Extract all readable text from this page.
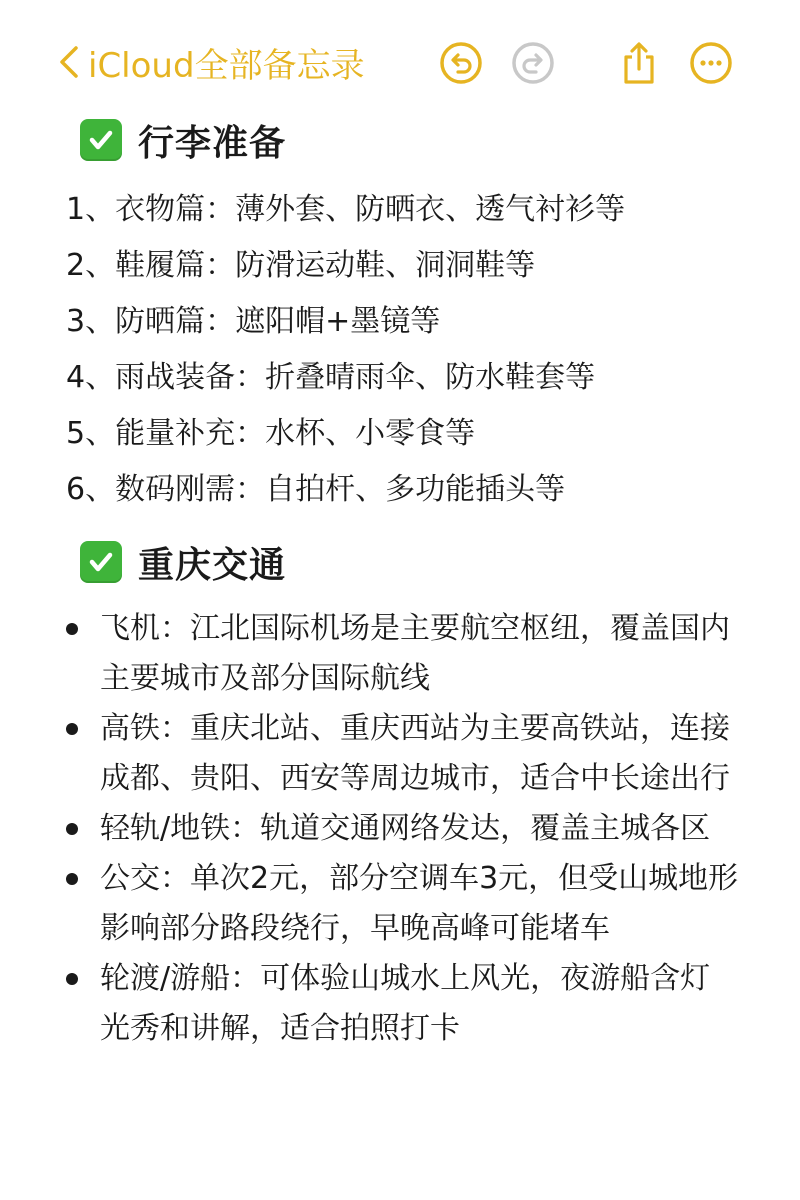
iCloud全部备忘录
行李准备
1、衣物篇：薄外套、防晒衣、透气衬衫等
2、鞋履篇：防滑运动鞋、洞洞鞋等
3、防晒篇：遮阳帽+墨镜等
4、雨战装备：折叠晴雨伞、防水鞋套等
5、能量补充：水杯、小零食等
6、数码刚需：自拍杆、多功能插头等
重庆交通
飞机：江北国际机场是主要航空枢纽，覆盖国内主要城市及部分国际航线
高铁：重庆北站、重庆西站为主要高铁站，连接成都、贵阳、西安等周边城市，适合中长途出行
轻轨/地铁：轨道交通网络发达，覆盖主城各区
公交：单次2元，部分空调车3元，但受山城地形影响部分路段绕行，早晚高峰可能堵车
轮渡/游船：可体验山城水上风光，夜游船含灯光秀和讲解，适合拍照打卡
